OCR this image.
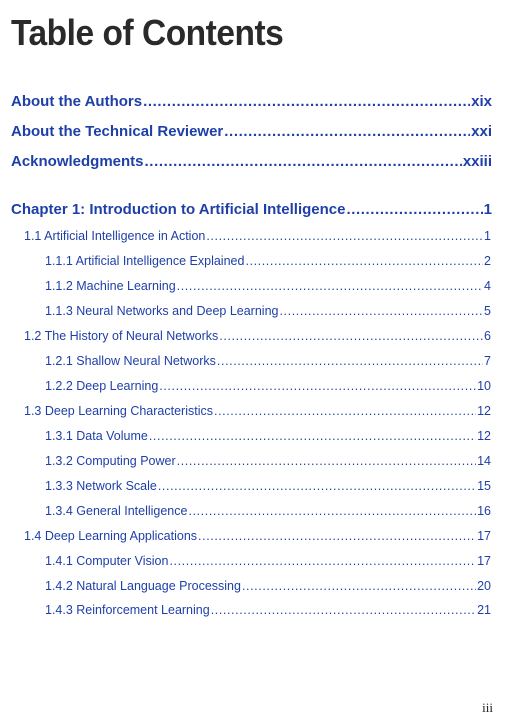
Table of Contents
About the Authors .....	xix
About the Technical Reviewer .....	xxi
Acknowledgments .....	xxiii
Chapter 1: Introduction to Artificial Intelligence .....	1
1.1 Artificial Intelligence in Action .....	1
1.1.1 Artificial Intelligence Explained .....	2
1.1.2 Machine Learning .....	4
1.1.3 Neural Networks and Deep Learning .....	5
1.2 The History of Neural Networks .....	6
1.2.1 Shallow Neural Networks .....	7
1.2.2 Deep Learning .....	10
1.3 Deep Learning Characteristics .....	12
1.3.1 Data Volume .....	12
1.3.2 Computing Power .....	14
1.3.3 Network Scale .....	15
1.3.4 General Intelligence .....	16
1.4 Deep Learning Applications .....	17
1.4.1 Computer Vision .....	17
1.4.2 Natural Language Processing .....	20
1.4.3 Reinforcement Learning .....	21
iii
